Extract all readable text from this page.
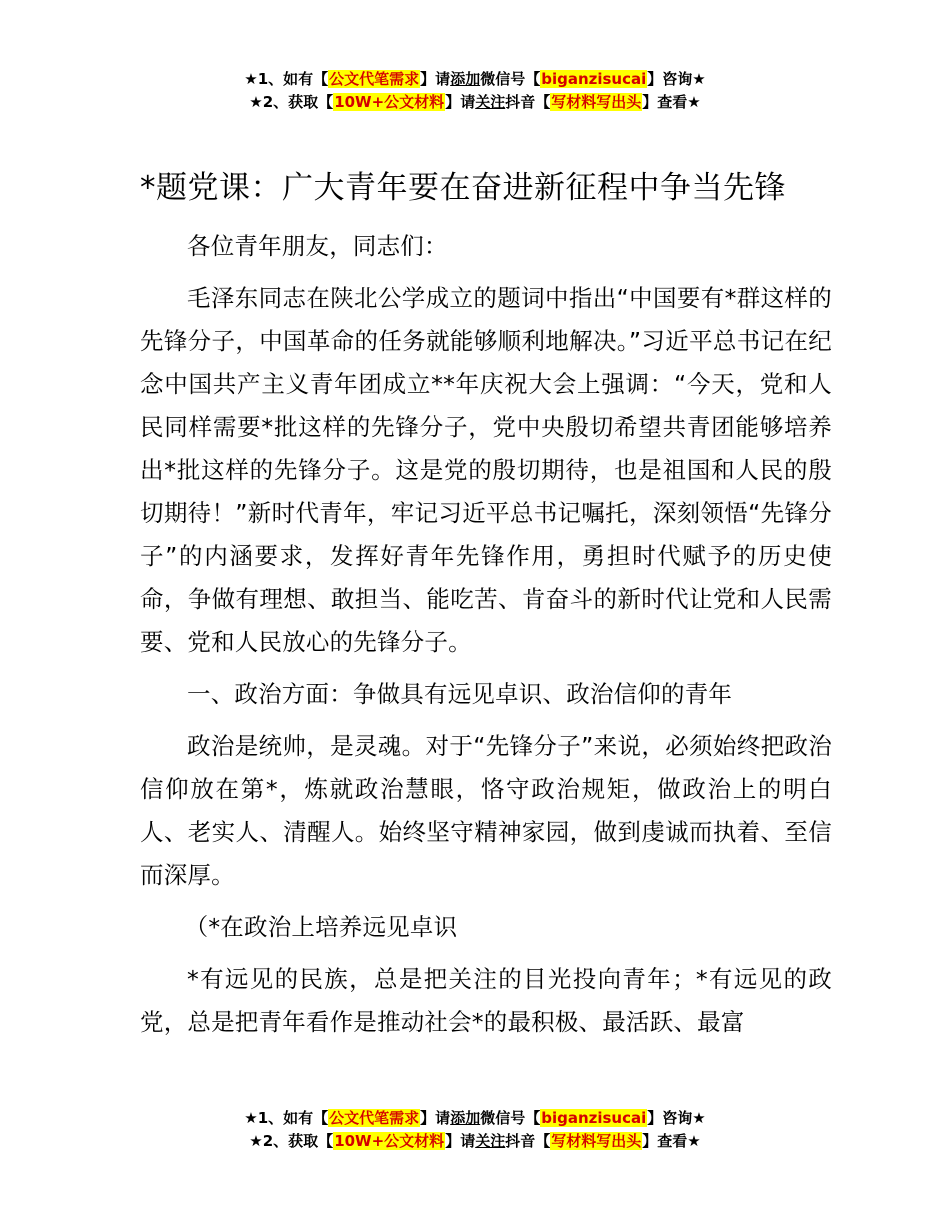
★1、如有【公文代笔需求】请添加微信号【biganzisucai】咨询★
★2、获取【10W+公文材料】请关注抖音【写材料写出头】查看★
*题党课：广大青年要在奋进新征程中争当先锋

各位青年朋友，同志们：

毛泽东同志在陕北公学成立的题词中指出“中国要有*群这样的先锋分子，中国革命的任务就能够顺利地解决。”习近平总书记在纪念中国共产主义青年团成立**年庆祝大会上强调：“今天，党和人民同样需要*批这样的先锋分子，党中央殷切希望共青团能够培养出*批这样的先锋分子。这是党的殷切期待，也是祖国和人民的殷切期待！”新时代青年，牢记习近平总书记嘱托，深刻领悟“先锋分子”的内涵要求，发挥好青年先锋作用，勇担时代赋予的历史使命，争做有理想、敢担当、能吃苦、肯奋斗的新时代让党和人民需要、党和人民放心的先锋分子。

一、政治方面：争做具有远见卓识、政治信仰的青年

政治是统帅，是灵魂。对于“先锋分子”来说，必须始终把政治信仰放在第*，炼就政治慧眼，恪守政治规矩，做政治上的明白人、老实人、清醒人。始终坚守精神家园，做到虔诚而执着、至信而深厚。

（*在政治上培养远见卓识

*有远见的民族，总是把关注的目光投向青年；*有远见的政党，总是把青年看作是推动社会*的最积极、最活跃、最富

★1、如有【公文代笔需求】请添加微信号【biganzisucai】咨询★
★2、获取【10W+公文材料】请关注抖音【写材料写出头】查看★
